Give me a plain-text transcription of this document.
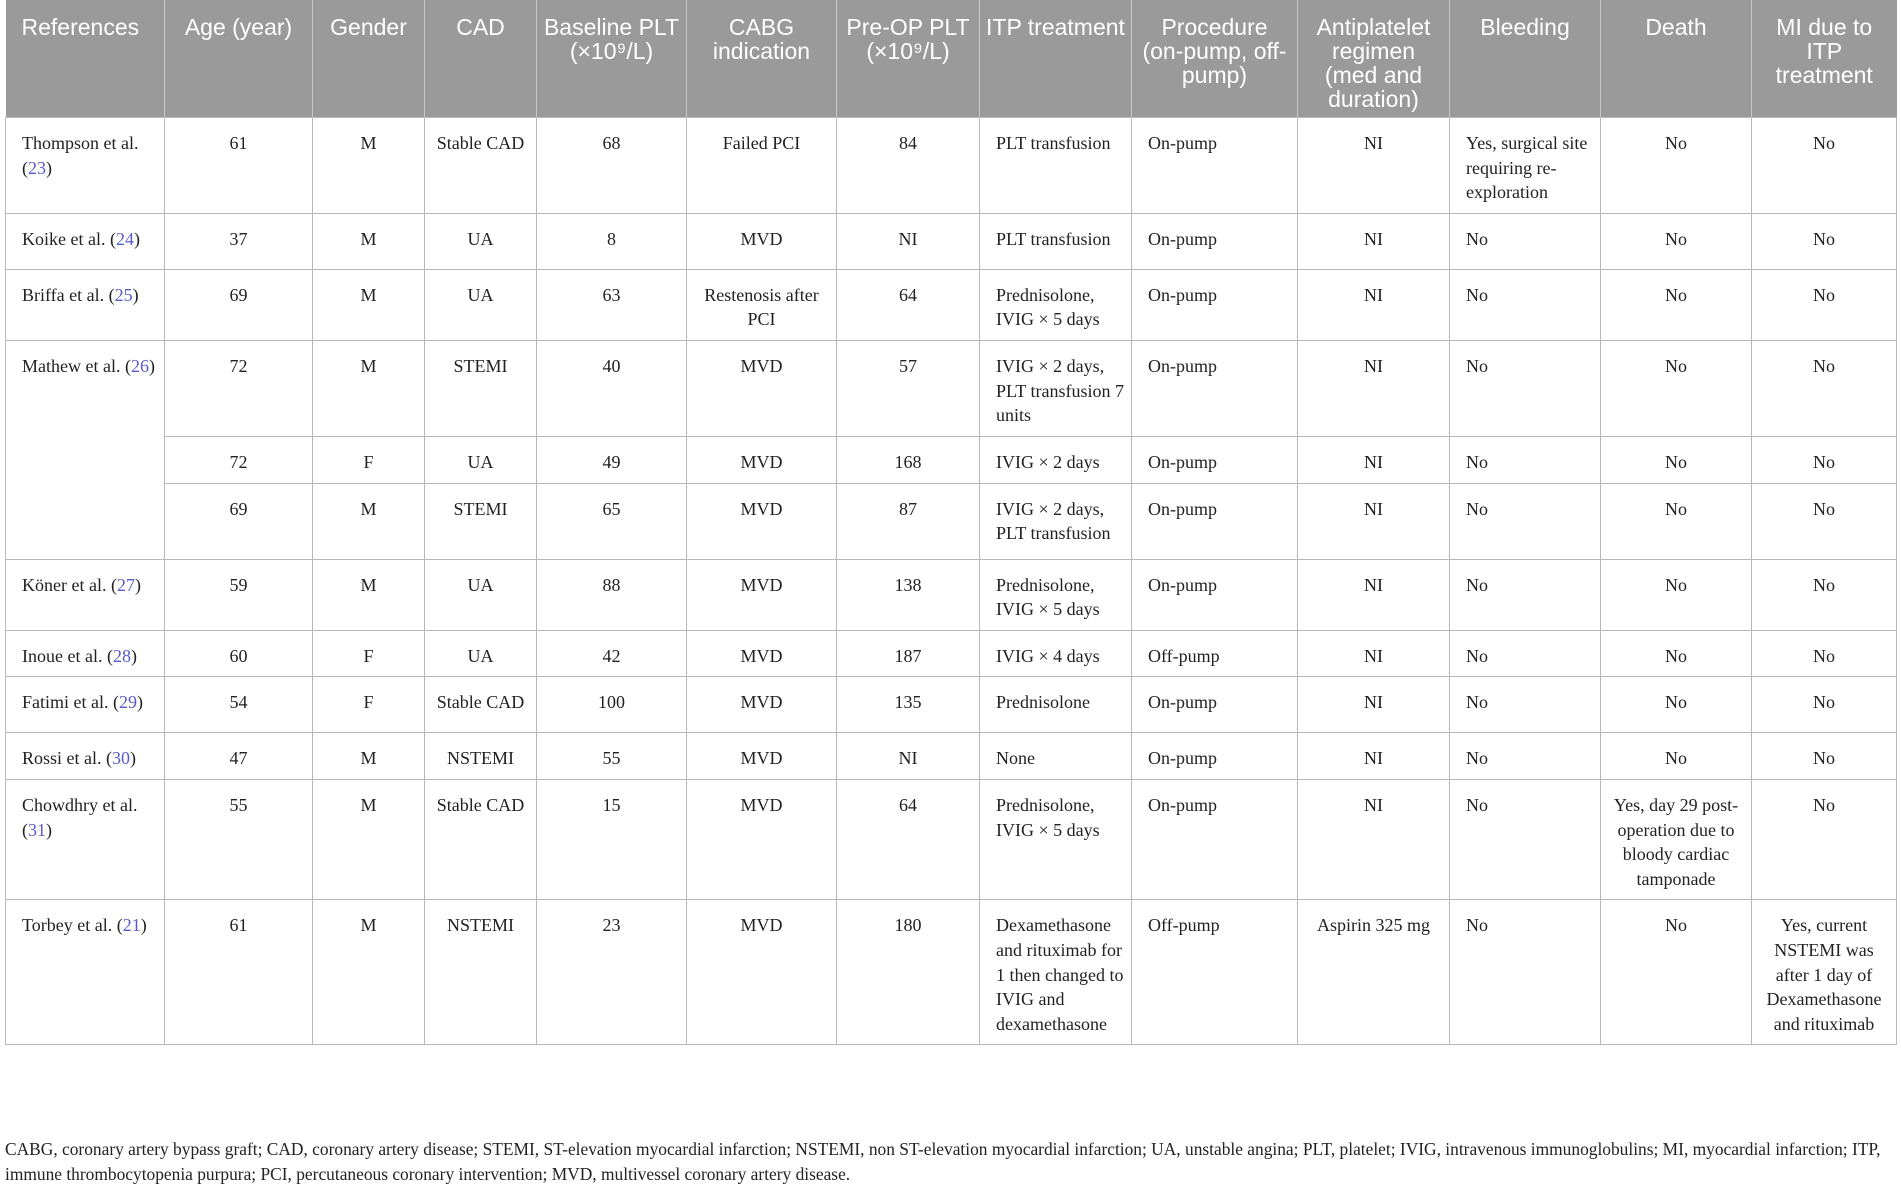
References	Age (year)	Gender	CAD	Baseline PLT (×10⁹/L)	CABG indication	Pre-OP PLT (×10⁹/L)	ITP treatment	Procedure (on-pump, off-pump)	Antiplatelet regimen (med and duration)	Bleeding	Death	MI due to ITP treatment
Thompson et al. (23)	61	M	Stable CAD	68	Failed PCI	84	PLT transfusion	On-pump	NI	Yes, surgical site requiring re-exploration	No	No
Koike et al. (24)	37	M	UA	8	MVD	NI	PLT transfusion	On-pump	NI	No	No	No
Briffa et al. (25)	69	M	UA	63	Restenosis after PCI	64	Prednisolone, IVIG × 5 days	On-pump	NI	No	No	No
Mathew et al. (26)	72	M	STEMI	40	MVD	57	IVIG × 2 days, PLT transfusion 7 units	On-pump	NI	No	No	No
	72	F	UA	49	MVD	168	IVIG × 2 days	On-pump	NI	No	No	No
	69	M	STEMI	65	MVD	87	IVIG × 2 days, PLT transfusion	On-pump	NI	No	No	No
Köner et al. (27)	59	M	UA	88	MVD	138	Prednisolone, IVIG × 5 days	On-pump	NI	No	No	No
Inoue et al. (28)	60	F	UA	42	MVD	187	IVIG × 4 days	Off-pump	NI	No	No	No
Fatimi et al. (29)	54	F	Stable CAD	100	MVD	135	Prednisolone	On-pump	NI	No	No	No
Rossi et al. (30)	47	M	NSTEMI	55	MVD	NI	None	On-pump	NI	No	No	No
Chowdhry et al. (31)	55	M	Stable CAD	15	MVD	64	Prednisolone, IVIG × 5 days	On-pump	NI	No	Yes, day 29 post-operation due to bloody cardiac tamponade	No
Torbey et al. (21)	61	M	NSTEMI	23	MVD	180	Dexamethasone and rituximab for 1 then changed to IVIG and dexamethasone	Off-pump	Aspirin 325 mg	No	No	Yes, current NSTEMI was after 1 day of Dexamethasone and rituximab
CABG, coronary artery bypass graft; CAD, coronary artery disease; STEMI, ST-elevation myocardial infarction; NSTEMI, non ST-elevation myocardial infarction; UA, unstable angina; PLT, platelet; IVIG, intravenous immunoglobulins; MI, myocardial infarction; ITP, immune thrombocytopenia purpura; PCI, percutaneous coronary intervention; MVD, multivessel coronary artery disease.
